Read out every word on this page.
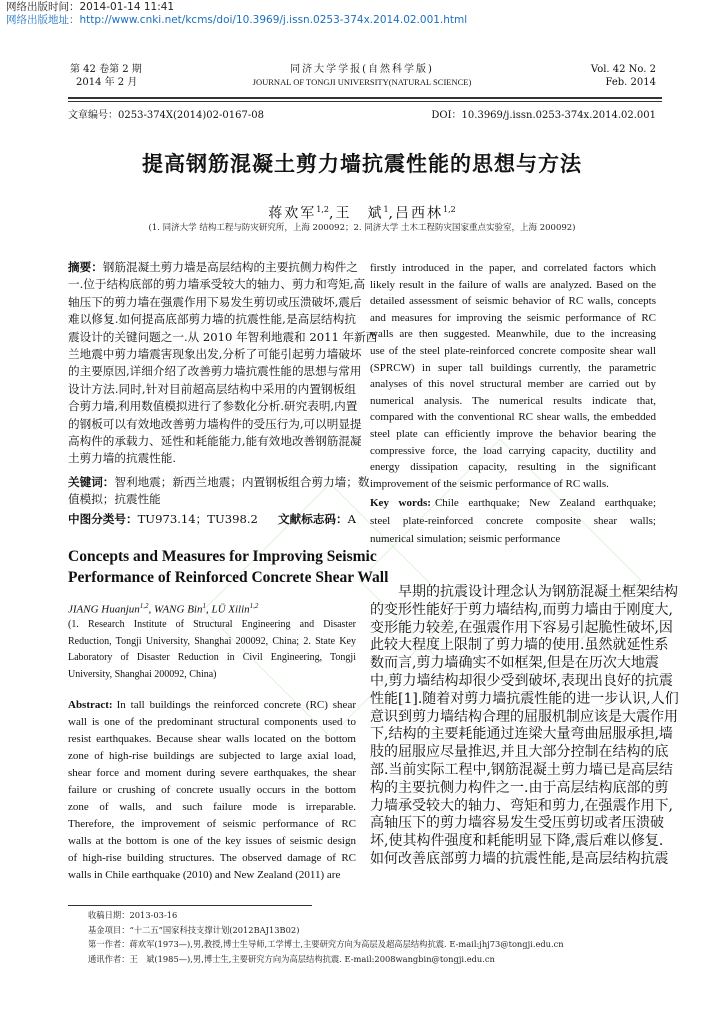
网络出版时间：2014-01-14 11:41
网络出版地址：http://www.cnki.net/kcms/doi/10.3969/j.issn.0253-374x.2014.02.001.html
第 42 卷第 2 期
2014 年 2 月
同济大学学报(自然科学版)
JOURNAL OF TONGJI UNIVERSITY(NATURAL SCIENCE)
Vol. 42 No. 2
Feb. 2014
文章编号：0253-374X(2014)02-0167-08	DOI：10.3969/j.issn.0253-374x.2014.02.001
提高钢筋混凝土剪力墙抗震性能的思想与方法
蒋欢军$^{1,2}$,王　斌$^1$,吕西林$^{1,2}$
(1. 同济大学 结构工程与防灾研究所，上海 200092；2. 同济大学 土木工程防灾国家重点实验室，上海 200092)
摘要：钢筋混凝土剪力墙是高层结构的主要抗侧力构件之
一.位于结构底部的剪力墙承受较大的轴力、剪力和弯矩,高
轴压下的剪力墙在强震作用下易发生剪切或压溃破坏,震后
难以修复.如何提高底部剪力墙的抗震性能,是高层结构抗
震设计的关键问题之一.从 2010 年智利地震和 2011 年新西
兰地震中剪力墙震害现象出发,分析了可能引起剪力墙破坏
的主要原因,详细介绍了改善剪力墙抗震性能的思想与常用
设计方法.同时,针对目前超高层结构中采用的内置钢板组
合剪力墙,利用数值模拟进行了参数化分析.研究表明,内置
的钢板可以有效地改善剪力墙构件的受压行为,可以明显提
高构件的承载力、延性和耗能能力,能有效地改善钢筋混凝
土剪力墙的抗震性能.
关键词：智利地震；新西兰地震；内置钢板组合剪力墙；数
值模拟；抗震性能
中图分类号：TU973.14；TU398.2 文献标志码：A
firstly introduced in the paper, and correlated factors which
likely result in the failure of walls are analyzed. Based on the
detailed assessment of seismic behavior of RC walls, concepts
and measures for improving the seismic performance of RC
walls are then suggested. Meanwhile, due to the increasing
use of the steel plate-reinforced concrete composite shear wall
(SPRCW) in super tall buildings currently, the parametric
analyses of this novel structural member are carried out by
numerical analysis. The numerical results indicate that,
compared with the conventional RC shear walls, the embedded
steel plate can efficiently improve the behavior bearing the
compressive force, the load carrying capacity, ductility and
energy dissipation capacity, resulting in the significant
improvement of the seismic performance of RC walls.
Key words: Chile earthquake; New Zealand earthquake;
steel plate-reinforced concrete composite shear walls;
numerical simulation; seismic performance
Concepts and Measures for Improving Seismic
Performance of Reinforced Concrete Shear Wall
JIANG Huanjun$^{1,2}$, WANG Bin$^1$, LÜ Xilin$^{1,2}$
(1. Research Institute of Structural Engineering and Disaster
Reduction, Tongji University, Shanghai 200092, China; 2. State Key
Laboratory of Disaster Reduction in Civil Engineering, Tongji
University, Shanghai 200092, China)
Abstract: In tall buildings the reinforced concrete (RC) shear
wall is one of the predominant structural components used to
resist earthquakes. Because shear walls located on the bottom
zone of high-rise buildings are subjected to large axial load,
shear force and moment during severe earthquakes, the shear
failure or crushing of concrete usually occurs in the bottom
zone of walls, and such failure mode is irreparable.
Therefore, the improvement of seismic performance of RC
walls at the bottom is one of the key issues of seismic design
of high-rise building structures. The observed damage of RC
walls in Chile earthquake (2010) and New Zealand (2011) are
早期的抗震设计理念认为钢筋混凝土框架结构
的变形性能好于剪力墙结构,而剪力墙由于刚度大,
变形能力较差,在强震作用下容易引起脆性破坏,因
此较大程度上限制了剪力墙的使用.虽然就延性系
数而言,剪力墙确实不如框架,但是在历次大地震
中,剪力墙结构却很少受到破坏,表现出良好的抗震
性能[1].随着对剪力墙抗震性能的进一步认识,人们
意识到剪力墙结构合理的屈服机制应该是大震作用
下,结构的主要耗能通过连梁大量弯曲屈服承担,墙
肢的屈服应尽量推迟,并且大部分控制在结构的底
部.当前实际工程中,钢筋混凝土剪力墙已是高层结
构的主要抗侧力构件之一.由于高层结构底部的剪
力墙承受较大的轴力、弯矩和剪力,在强震作用下,
高轴压下的剪力墙容易发生受压剪切或者压溃破
坏,使其构件强度和耗能明显下降,震后难以修复.
如何改善底部剪力墙的抗震性能,是高层结构抗震
收稿日期：2013-03-16
基金项目：“十二五”国家科技支撑计划(2012BAJ13B02)
第一作者：蒋欢军(1973—),男,教授,博士生导师,工学博士,主要研究方向为高层及超高层结构抗震. E-mail:jhj73@tongji.edu.cn
通讯作者：王　斌(1985—),男,博士生,主要研究方向为高层结构抗震. E-mail:2008wangbin@tongji.edu.cn
